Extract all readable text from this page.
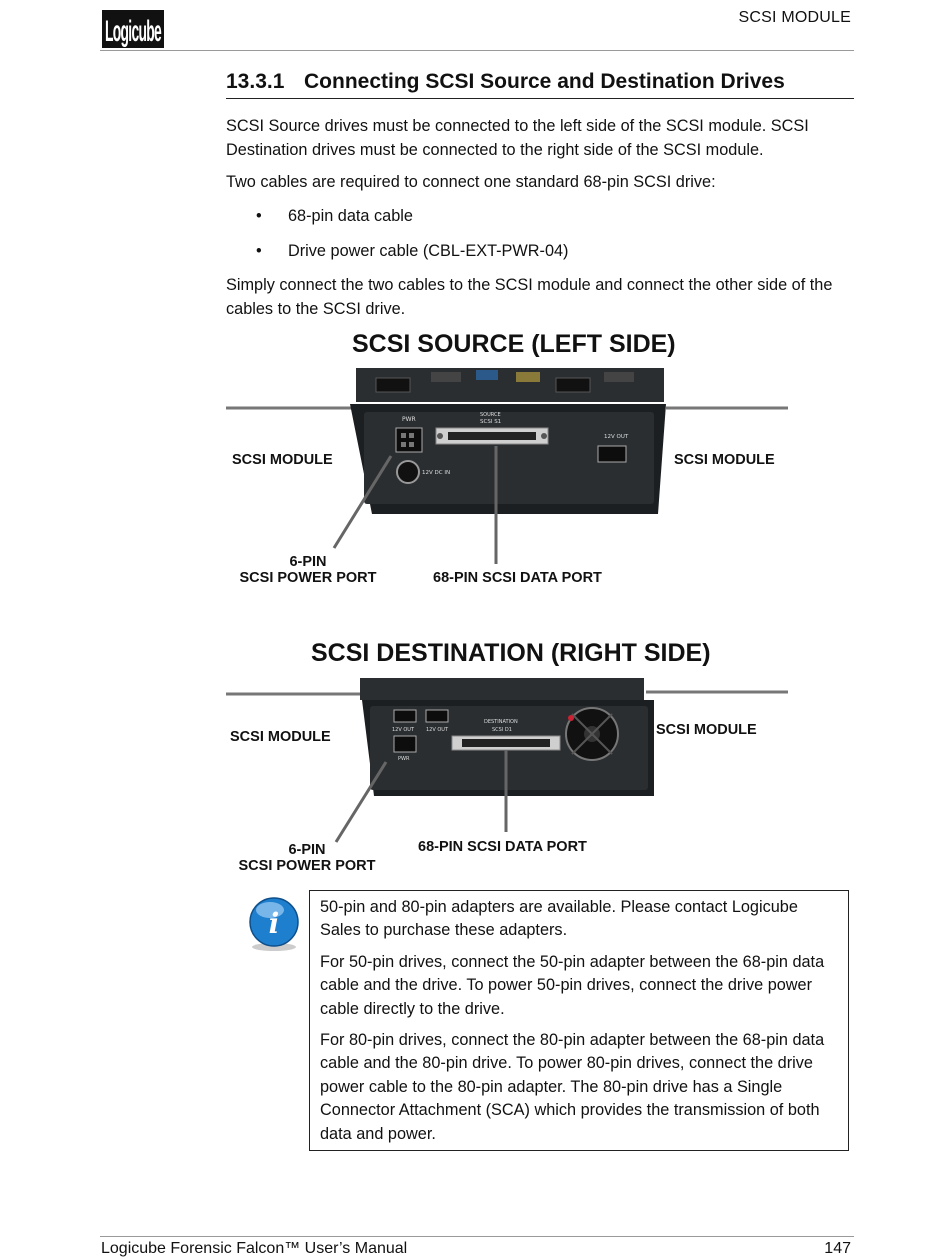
Logicube	SCSI MODULE
13.3.1 Connecting SCSI Source and Destination Drives
SCSI Source drives must be connected to the left side of the SCSI module. SCSI Destination drives must be connected to the right side of the SCSI module.
Two cables are required to connect one standard 68-pin SCSI drive:
• 68-pin data cable
• Drive power cable (CBL-EXT-PWR-04)
Simply connect the two cables to the SCSI module and connect the other side of the cables to the SCSI drive.
SCSI SOURCE (LEFT SIDE)
PWR
SOURCE
SCSI S1
12V OUT
12V DC IN
SCSI MODULE	SCSI MODULE
6-PIN
SCSI POWER PORT	68-PIN SCSI DATA PORT
SCSI DESTINATION (RIGHT SIDE)
12V OUT 12V OUT
PWR
DESTINATION
SCSI D1
SCSI MODULE	SCSI MODULE
6-PIN
SCSI POWER PORT
68-PIN SCSI DATA PORT
i 50-pin and 80-pin adapters are available. Please contact Logicube Sales to purchase these adapters.

For 50-pin drives, connect the 50-pin adapter between the 68-pin data cable and the drive. To power 50-pin drives, connect the drive power cable directly to the drive.

For 80-pin drives, connect the 80-pin adapter between the 68-pin data cable and the 80-pin drive. To power 80-pin drives, connect the drive power cable to the 80-pin adapter. The 80-pin drive has a Single Connector Attachment (SCA) which provides the transmission of both data and power.

Logicube Forensic Falcon™ User’s Manual	147
